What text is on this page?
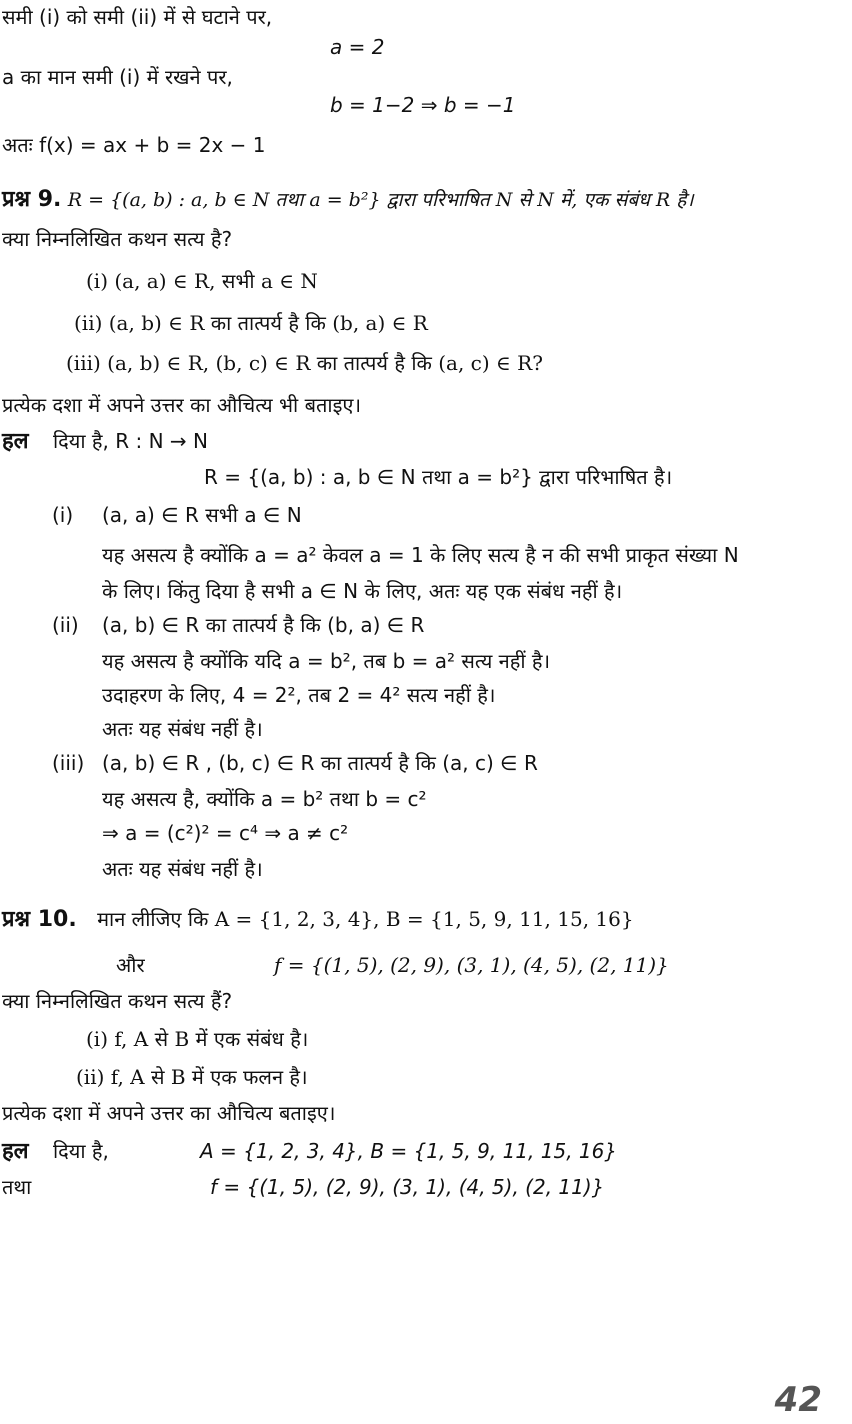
समी (i) को समी (ii) में से घटाने पर,
a = 2
a का मान समी (i) में रखने पर,
b = 1−2 ⇒ b = −1
अतः f(x) = ax + b = 2x − 1
प्रश्न 9. R = {(a, b) : a, b ∈ N तथा a = b²} द्वारा परिभाषित N से N में, एक संबंध R है।
क्या निम्नलिखित कथन सत्य है?
(i) (a, a) ∈ R, सभी a ∈ N
(ii) (a, b) ∈ R का तात्पर्य है कि (b, a) ∈ R
(iii) (a, b) ∈ R, (b, c) ∈ R का तात्पर्य है कि (a, c) ∈ R?
प्रत्येक दशा में अपने उत्तर का औचित्य भी बताइए।
हल दिया है, R : N → N
R = {(a, b) : a, b ∈ N तथा a = b²} द्वारा परिभाषित है।
(i) (a, a) ∈ R सभी a ∈ N
यह असत्य है क्योंकि a = a² केवल a = 1 के लिए सत्य है न की सभी प्राकृत संख्या N
के लिए। किंतु दिया है सभी a ∈ N के लिए, अतः यह एक संबंध नहीं है।
(ii) (a, b) ∈ R का तात्पर्य है कि (b, a) ∈ R
यह असत्य है क्योंकि यदि a = b², तब b = a² सत्य नहीं है।
उदाहरण के लिए, 4 = 2², तब 2 = 4² सत्य नहीं है।
अतः यह संबंध नहीं है।
(iii) (a, b) ∈ R , (b, c) ∈ R का तात्पर्य है कि (a, c) ∈ R
यह असत्य है, क्योंकि a = b² तथा b = c²
⇒ a = (c²)² = c⁴ ⇒ a ≠ c²
अतः यह संबंध नहीं है।
प्रश्न 10. मान लीजिए कि A = {1, 2, 3, 4}, B = {1, 5, 9, 11, 15, 16}
और	f = {(1, 5), (2, 9), (3, 1), (4, 5), (2, 11)}
क्या निम्नलिखित कथन सत्य हैं?
(i) f, A से B में एक संबंध है।
(ii) f, A से B में एक फलन है।
प्रत्येक दशा में अपने उत्तर का औचित्य बताइए।
हल दिया है,	A = {1, 2, 3, 4}, B = {1, 5, 9, 11, 15, 16}
तथा	f = {(1, 5), (2, 9), (3, 1), (4, 5), (2, 11)}
42
